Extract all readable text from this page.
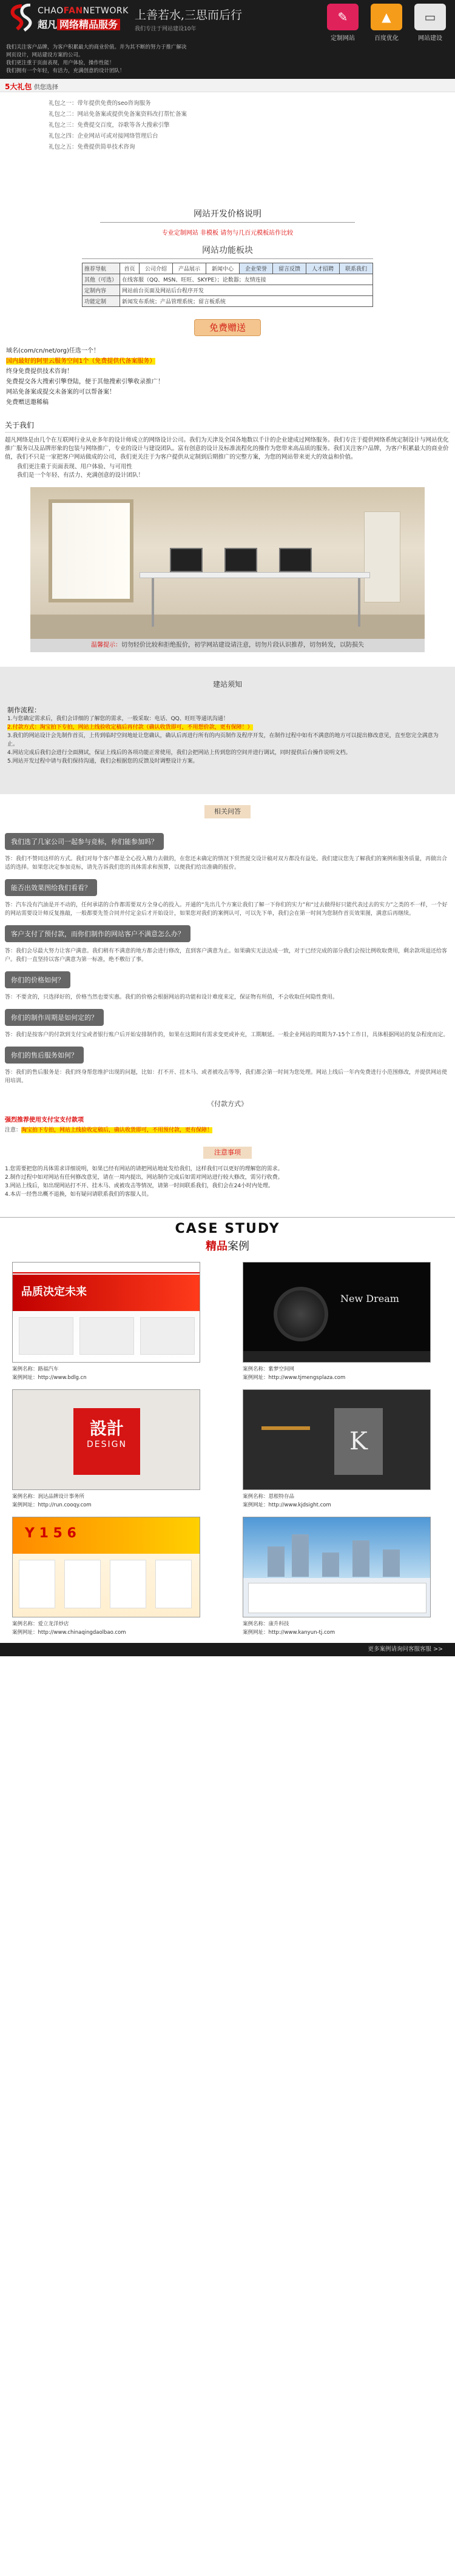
CHAOFANNETWORK
超凡 网络精品服务
上善若水,三思而后行
我们专注于网站建设10年
✎
定制网站
▲
百度优化
▭
网站建设
我们关注客户品牌，为客户积累最大的商业价值。并为其不断的努力于推广解决
网页设计，网站建设方案的公司。
我们更注重于页面表现，用户体验，操作性能！
我们拥有一个年轻，有活力，充满创意的设计团队！
5大礼包 供您选择
礼包之一：带年提供免费的seo咨询服务
礼包之二：网站免备案或提供免备案资料改打帮忙备案
礼包之三：免费提交百度，谷歌等各大搜索引擎
礼包之四：企业网站可或对接网络管理后台
礼包之五：免费提供简单技术咨询
网站开发价格说明
专业定制网站 非模板 请勿与几百元模板站作比较
网站功能板块
推荐导航	首页	公司介绍	产品展示	新闻中心	企业荣誉	留言反馈	人才招聘	联系我们
其他（可选）	在线客服（QQ、MSN、旺旺、SKYPE）；论数器；友情连接							
定制内容	网站前台页面及网站后台程序开发							
功能定制	新闻发布系统；产品管理系统；留言板系统							
免费赠送
域名(com/cn/net/org)任选一个！
国内最好的阿里云服务空间1个（免费提供代备案服务）
终身免费提供技术咨询！
免费提交各大搜索引擎登陆，便于其他搜索引擎收录推广！
网站免备案或提交未备案的可以帮备案！
免费赠送邀稀稿
关于我们

超凡网络是由几个在互联网行业从业多年的设计师成立的网络设计公司。我们为天津及全国各地数以千计的企业建成过网络服务。我们专注于提供网络系统定制设计与网站优化推广服务以及品牌形象的包装与网络推广，专业的设计与建设团队。富有创意的设计及标准流程化的操作为您带来高品质的服务。我们关注客户品牌，为客户积累最大的商业价值，我们不只是一家把客户网站做成的公司，我们更关注于为客户提供从定制到后期推广的完整方案，为您的网站带来更大的效益和价值。

我们更注重于页面表现、用户体验、与可用性

我们是一个年轻、有活力、充满创意的设计团队！

温馨提示：切勿轻价比较和拒绝报价，初学网站建设请注意，切勿片段认识推荐，切勿转发，以防损失
建站须知
制作流程：

1.与您确定需求后，我们会详细的了解您的需求，一般采取：电话、QQ、旺旺等通讯沟通！

2.付款方式：淘宝拍下专拍，网站上线验收定稿后再付款（确认收货即可，不用想价款，更有保障！）

3.我们的网站设计会先制作首页，上传到临时空间地址让您确认，确认后再进行所有的内页制作及程序开发，在制作过程中如有不满意的地方可以提出修改意见，直至您完全满意为止。

4.网站完成后我们会进行全面测试，保证上线后的各项功能正常使用，我们会把网站上传到您的空间并进行调试，同时提供后台操作说明文档。

5.网站开发过程中请与我们保持沟通，我们会根据您的反馈及时调整设计方案。

相关问答
我们选了几家公司一起参与竞标，你们能参加吗？
答：我们不赞同这样的方式。我们对每个客户都是全心投入精力去做的，在您还未确定的情况下贸然提交设计稿对双方都没有益处。我们建议您先了解我们的案例和服务质量，再做出合适的选择。如果您决定参加竞标，请先告诉我们您的具体需求和预算，以便我们给出准确的报价。
能否出效果图给我们看看？
答：汽车没有汽油是开不动的，任何承诺的合作都需要双方全身心的投入。开通的“先出几个方案让我们了解一下你们的实力”和“过去做得好只能代表过去的实力”之类的不一样，一个好的网站需要设计师反复推敲，一般都要先签合同并付定金后才开始设计，如果您对我们的案例认可，可以先下单，我们会在第一时间为您制作首页效果图，满意后再继续。
客户支付了预付款，而你们制作的网站客户不满意怎么办？
答：我们会尽最大努力让客户满意。我们稍有不满意的地方都会进行修改，直到客户满意为止。如果确实无法达成一致，对于已经完成的部分我们会按比例收取费用，剩余款项退还给客户。我们一直坚持以客户满意为第一标准，绝不敷衍了事。
你们的价格如何？
答：不要贪的，只选择好的，价格当然也要实惠。我们的价格会根据网站的功能和设计难度来定，保证物有所值，不会收取任何隐性费用。
你们的制作周期是如何定的？
答：我们是按客户的付款到支付宝或者银行账户后开始安排制作的，如果在这期间有需求变更或补充，工期顺延。一般企业网站的周期为7-15个工作日，具体根据网站的复杂程度而定。
你们的售后服务如何？
答：我们的售后服务是：我们终身帮您维护出现的问题，比如：打不开、挂木马、或者被攻击等等，我们都会第一时间为您处理。网站上线后一年内免费进行小范围修改，并提供网站使用培训。
《付款方式》
强烈推荐使用支付宝支付款项
注意：淘宝拍下专拍，网站上线验收定稿后，确认收货即可，不用预付款，更有保障！
注意事项
1.您需要把您的具体需求详细说明，如果已经有网站的请把网站地址发给我们，这样我们可以更好的理解您的需求。
2.制作过程中如对网站有任何修改意见，请在一周内提出，网站制作完成后如需对网站进行较大修改，需另行收费。
3.网站上线后，如出现网站打不开、挂木马、或被攻击等情况，请第一时间联系我们，我们会在24小时内处理。
4.本店一经售出概不退换，如有疑问请联系我们的客服人员。
CASE STUDY
精品案例
品质决定未来
案例名称：路福汽车
案例网址：http://www.bdlg.cn
New Dream
案例名称：紫梦空间网
案例网址：http://www.tjmengsplaza.com
設計
DESIGN
案例名称：润达品牌设计事务所
案例网址：http://run.cooqy.com
K
案例名称：恩根特存品
案例网址：http://www.kjdsight.com
Y 1 5 6
案例名称：爱立龙洋炒店
案例网址：http://www.chinaqingdaolbao.com
案例名称：康升科技
案例网址：http://www.kanyun-tj.com
更多案例请询问客服客服 >>
